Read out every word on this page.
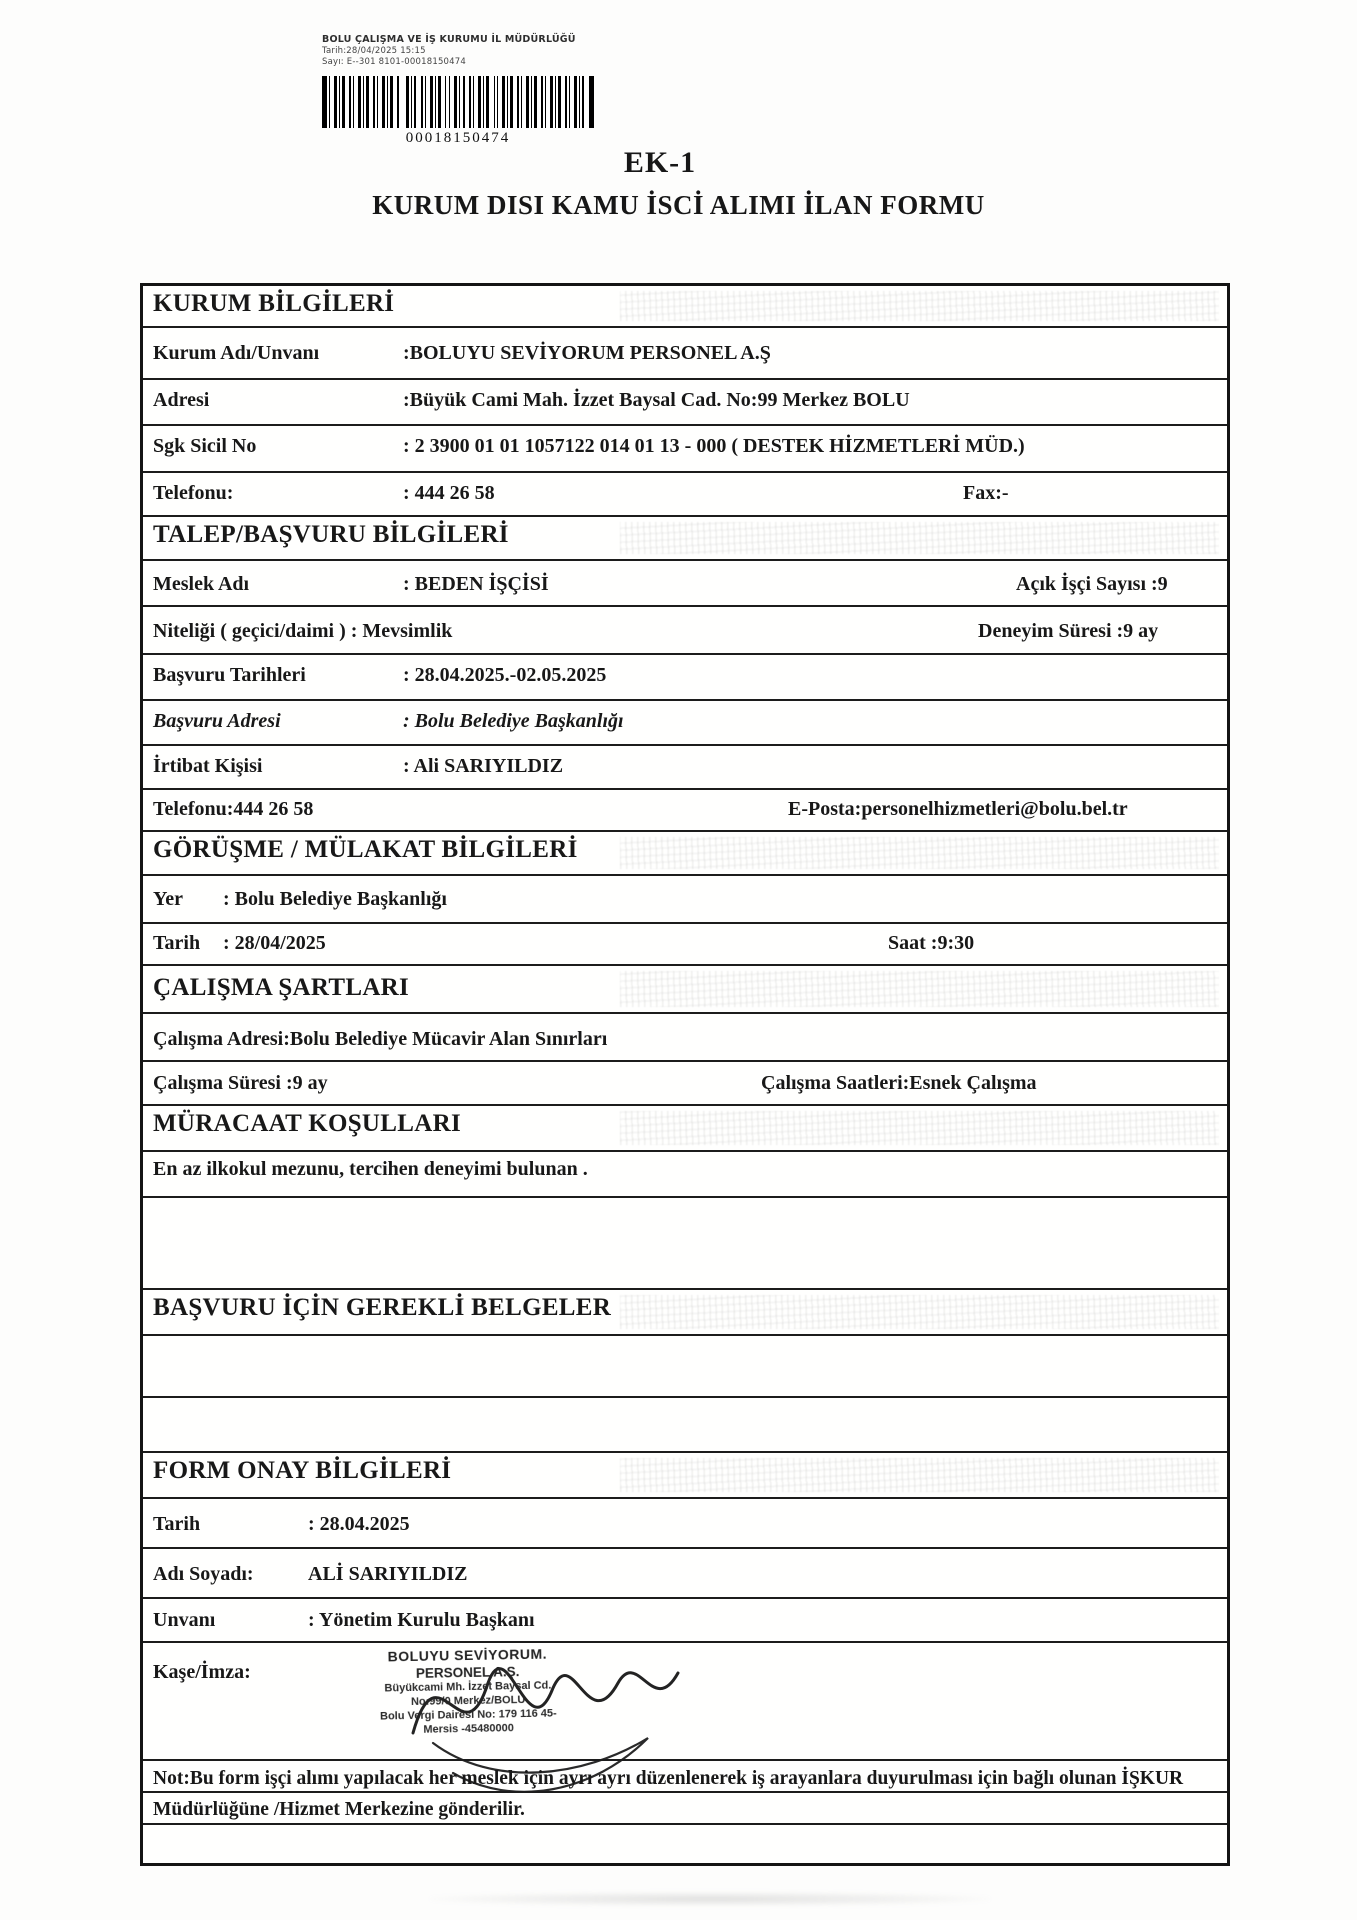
BOLU ÇALIŞMA VE İŞ KURUMU İL MÜDÜRLÜĞÜ
Tarih:28/04/2025 15:15
Sayı: E--301 8101-00018150474
00018150474
EK-1
KURUM DISI KAMU İSCİ ALIMI İLAN FORMU
KURUM BİLGİLERİ
Kurum Adı/Unvanı	:BOLUYU SEVİYORUM PERSONEL A.Ş
Adresi	:Büyük Cami Mah. İzzet Baysal Cad. No:99 Merkez BOLU
Sgk Sicil No	: 2 3900 01 01 1057122 014 01 13 - 000 ( DESTEK HİZMETLERİ MÜD.)
Telefonu:	: 444 26 58	Fax:-
TALEP/BAŞVURU BİLGİLERİ
Meslek Adı	: BEDEN İŞÇİSİ	Açık İşçi Sayısı :9
Niteliği ( geçici/daimi ) : Mevsimlik	Deneyim Süresi :9 ay
Başvuru Tarihleri	: 28.04.2025.-02.05.2025
Başvuru Adresi	: Bolu Belediye Başkanlığı
İrtibat Kişisi	: Ali SARIYILDIZ
Telefonu:444 26 58	E-Posta:personelhizmetleri@bolu.bel.tr
GÖRÜŞME / MÜLAKAT BİLGİLERİ
Yer : Bolu Belediye Başkanlığı
Tarih : 28/04/2025	Saat :9:30
ÇALIŞMA ŞARTLARI
Çalışma Adresi:Bolu Belediye Mücavir Alan Sınırları
Çalışma Süresi :9 ay	Çalışma Saatleri:Esnek Çalışma
MÜRACAAT KOŞULLARI
En az ilkokul mezunu, tercihen deneyimi bulunan .
BAŞVURU İÇİN GEREKLİ BELGELER
FORM ONAY BİLGİLERİ
Tarih	: 28.04.2025
Adı Soyadı:	ALİ SARIYILDIZ
Unvanı	: Yönetim Kurulu Başkanı
Kaşe/İmza:
BOLUYU SEVİYORUM.
PERSONEL A.Ş.
Büyükcami Mh. İzzet Baysal Cd.
No:99/0 Merkez/BOLU
Bolu Vergi Dairesi No: 179 116 45-
Mersis -45480000
Not:Bu form işçi alımı yapılacak her meslek için ayrı ayrı düzenlenerek iş arayanlara duyurulması için bağlı olunan İŞKUR Müdürlüğüne /Hizmet Merkezine gönderilir.
